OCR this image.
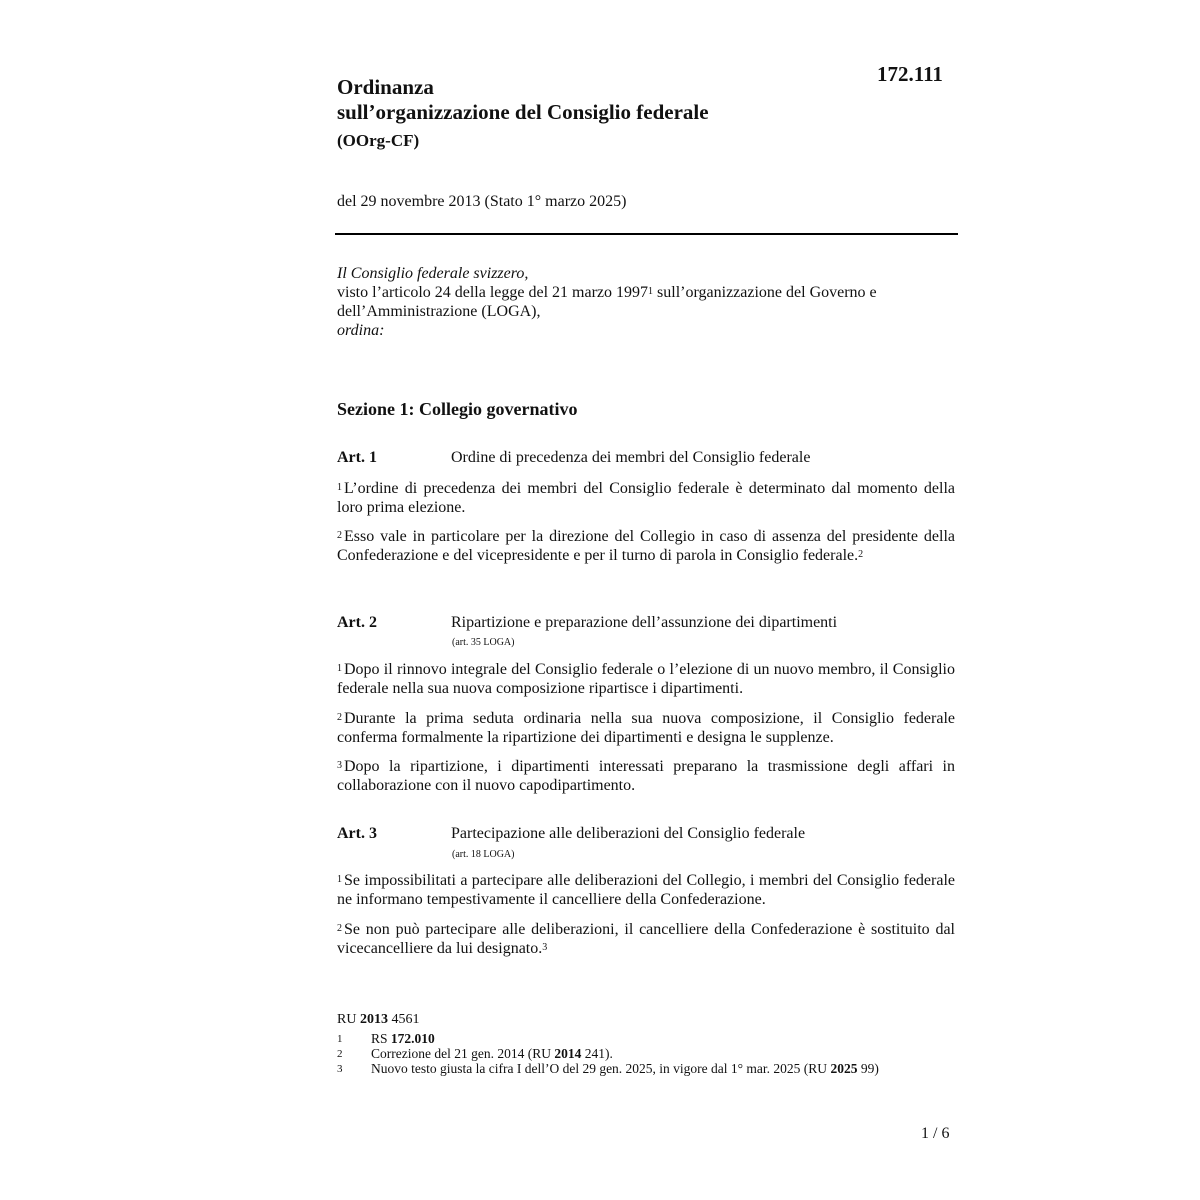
172.111
Ordinanza
sull’organizzazione del Consiglio federale
(OOrg-CF)
del 29 novembre 2013 (Stato 1° marzo 2025)

Il Consiglio federale svizzero,

visto l’articolo 24 della legge del 21 marzo 1997$^1$ sull’organizzazione del Governo e dell’Amministrazione (LOGA),

ordina:

Sezione 1: Collegio governativo
Art. 1	Ordine di precedenza dei membri del Consiglio federale
$^1$ L’ordine di precedenza dei membri del Consiglio federale è determinato dal momento della loro prima elezione.
$^2$ Esso vale in particolare per la direzione del Collegio in caso di assenza del presidente della Confederazione e del vicepresidente e per il turno di parola in Consiglio federale.$^2$
Art. 2	Ripartizione e preparazione dell’assunzione dei dipartimenti
(art. 35 LOGA)
$^1$ Dopo il rinnovo integrale del Consiglio federale o l’elezione di un nuovo membro, il Consiglio federale nella sua nuova composizione ripartisce i dipartimenti.
$^2$ Durante la prima seduta ordinaria nella sua nuova composizione, il Consiglio federale conferma formalmente la ripartizione dei dipartimenti e designa le supplenze.
$^3$ Dopo la ripartizione, i dipartimenti interessati preparano la trasmissione degli affari in collaborazione con il nuovo capodipartimento.
Art. 3	Partecipazione alle deliberazioni del Consiglio federale
(art. 18 LOGA)
$^1$ Se impossibilitati a partecipare alle deliberazioni del Collegio, i membri del Consiglio federale ne informano tempestivamente il cancelliere della Confederazione.
$^2$ Se non può partecipare alle deliberazioni, il cancelliere della Confederazione è sostituito dal vicecancelliere da lui designato.$^3$
RU 2013 4561
1 RS 172.010
2 Correzione del 21 gen. 2014 (RU 2014 241).
3 Nuovo testo giusta la cifra I dell’O del 29 gen. 2025, in vigore dal 1° mar. 2025 (RU 2025 99)
1 / 6
